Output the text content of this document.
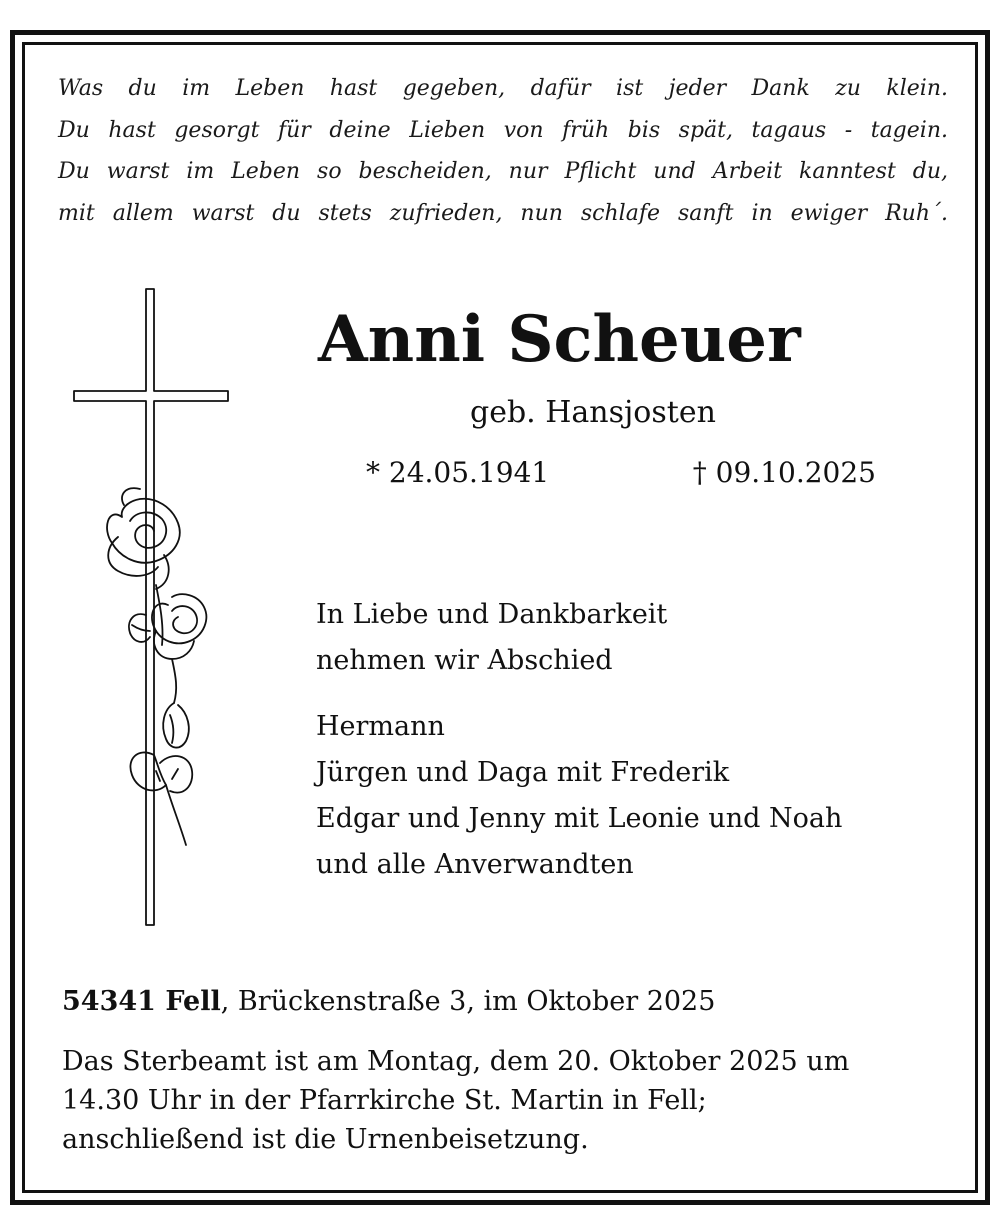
Was du im Leben hast gegeben, dafür ist jeder Dank zu klein.
Du hast gesorgt für deine Lieben von früh bis spät, tagaus - tagein.
Du warst im Leben so bescheiden, nur Pflicht und Arbeit kanntest du,
mit allem warst du stets zufrieden, nun schlafe sanft in ewiger Ruh´.
Anni Scheuer
geb. Hansjosten
* 24.05.1941	† 09.10.2025
In Liebe und Dankbarkeit
nehmen wir Abschied
Hermann
Jürgen und Daga mit Frederik
Edgar und Jenny mit Leonie und Noah
und alle Anverwandten
54341 Fell, Brückenstraße 3, im Oktober 2025
Das Sterbeamt ist am Montag, dem 20. Oktober 2025 um
14.30 Uhr in der Pfarrkirche St. Martin in Fell;
anschließend ist die Urnenbeisetzung.
